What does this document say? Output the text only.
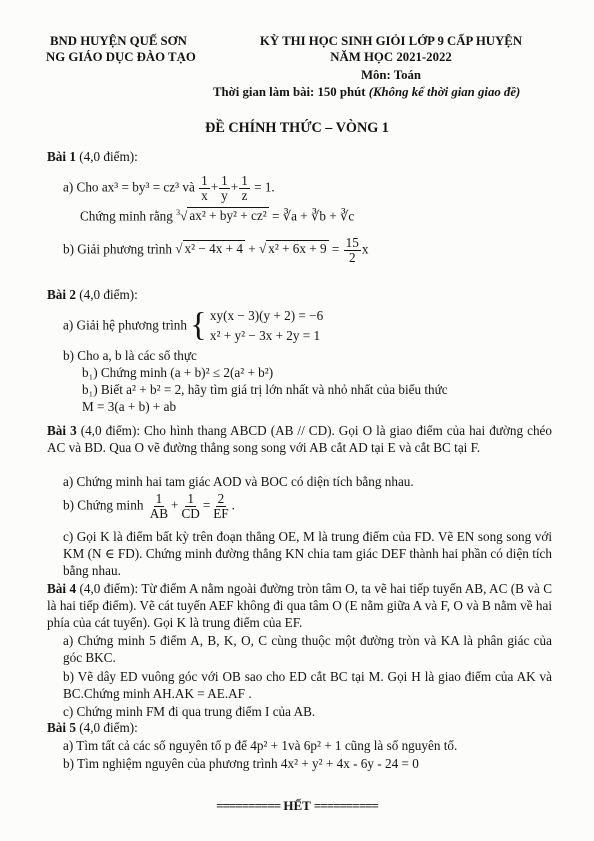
BND HUYỆN QUẾ SƠN
NG GIÁO DỤC ĐÀO TẠO
KỲ THI HỌC SINH GIỎI LỚP 9 CẤP HUYỆN
NĂM HỌC 2021-2022
Môn: Toán
Thời gian làm bài: 150 phút (Không kể thời gian giao đề)
ĐỀ CHÍNH THỨC – VÒNG 1
Bài 1 (4,0 điểm):
a) Cho ax³ = by³ = cz³ và $\frac{1}{x} + \frac{1}{y} + \frac{1}{z} = 1$.
Chứng minh rằng $^3$√ ax² + by² + cz² = ∛a + ∛b + ∛c
b) Giải phương trình √ x² − 4x + 4 + √ $x^2 + 6x + 9 = \frac{15}{2}$ x
Bài 2 (4,0 điểm):
a) Giải hệ phương trình { xy(x − 3)(y + 2) = −6
x² + y² − 3x + 2y = 1
b) Cho a, b là các số thực
b₁) Chứng minh (a + b)² ≤ 2(a² + b²)
b₁) Biết a² + b² = 2, hãy tìm giá trị lớn nhất và nhỏ nhất của biểu thức
M = 3(a + b) + ab
Bài 3 (4,0 điểm): Cho hình thang ABCD (AB // CD). Gọi O là giao điểm của hai đường chéo AC và BD. Qua O vẽ đường thẳng song song với AB cắt AD tại E và cắt BC tại F.
a) Chứng minh hai tam giác AOD và BOC có diện tích bằng nhau.
b) Chứng minh $\frac{1}{AB} + \frac{1}{CD} = \frac{2}{EF}$ .
c) Gọi K là điểm bất kỳ trên đoạn thẳng OE, M là trung điểm của FD. Vẽ EN song song với KM (N ∈ FD). Chứng minh đường thẳng KN chia tam giác DEF thành hai phần có diện tích bằng nhau.
Bài 4 (4,0 điểm): Từ điểm A nằm ngoài đường tròn tâm O, ta vẽ hai tiếp tuyến AB, AC (B và C là hai tiếp điểm). Vẽ cát tuyến AEF không đi qua tâm O (E nằm giữa A và F, O và B nằm về hai phía của cát tuyến). Gọi K là trung điểm của EF.
a) Chứng minh 5 điểm A, B, K, O, C cùng thuộc một đường tròn và KA là phân giác của góc BKC.
b) Vẽ dây ED vuông góc với OB sao cho ED cắt BC tại M. Gọi H là giao điểm của AK và BC.Chứng minh AH.AK = AE.AF .
c) Chứng minh FM đi qua trung điểm I của AB.
Bài 5 (4,0 điểm):
a) Tìm tất cả các số nguyên tố p để 4p² + 1và 6p² + 1 cũng là số nguyên tố.
b) Tìm nghiệm nguyên của phương trình 4x² + y² + 4x - 6y - 24 = 0
========== HẾT ==========
